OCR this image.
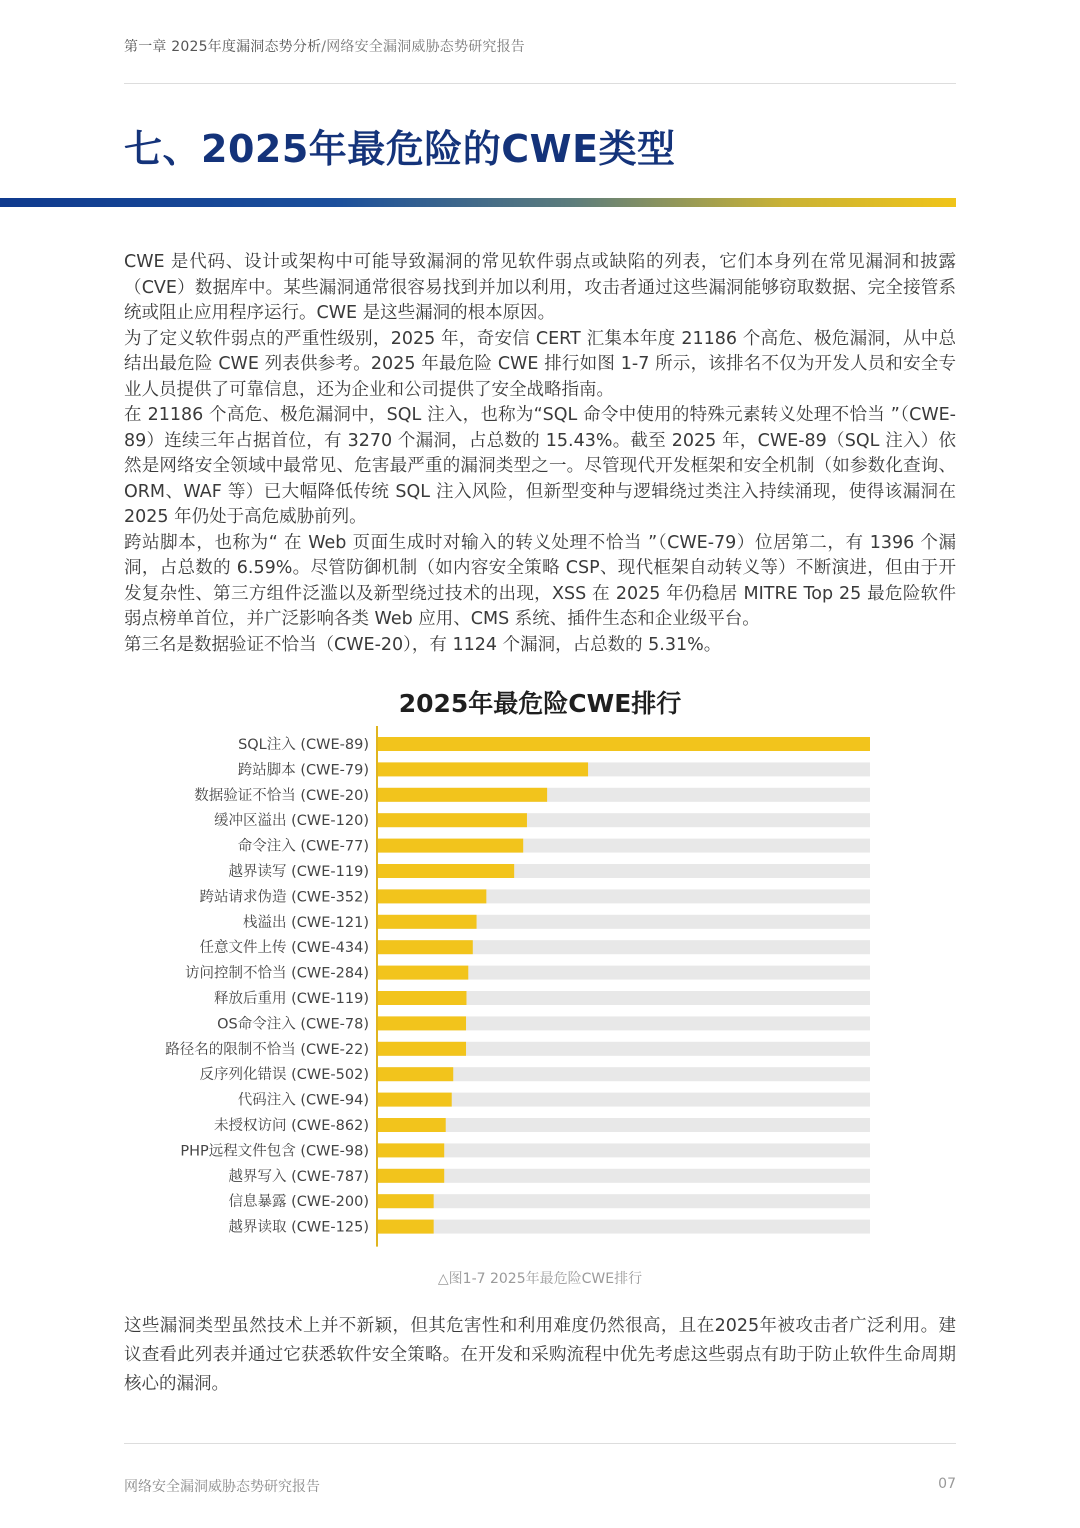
第一章 2025年度漏洞态势分析/网络安全漏洞威胁态势研究报告
七、2025年最危险的CWE类型

CWE 是代码、设计或架构中可能导致漏洞的常见软件弱点或缺陷的列表，它们本身列在常见漏洞和披露（CVE）数据库中。某些漏洞通常很容易找到并加以利用，攻击者通过这些漏洞能够窃取数据、完全接管系统或阻止应用程序运行。CWE 是这些漏洞的根本原因。

为了定义软件弱点的严重性级别，2025 年，奇安信 CERT 汇集本年度 21186 个高危、极危漏洞，从中总结出最危险 CWE 列表供参考。2025 年最危险 CWE 排行如图 1-7 所示，该排名不仅为开发人员和安全专业人员提供了可靠信息，还为企业和公司提供了安全战略指南。

在 21186 个高危、极危漏洞中，SQL 注入，也称为“SQL 命令中使用的特殊元素转义处理不恰当 ”（CWE-89）连续三年占据首位，有 3270 个漏洞，占总数的 15.43%。截至 2025 年，CWE-89（SQL 注入）依然是网络安全领域中最常见、危害最严重的漏洞类型之一。尽管现代开发框架和安全机制（如参数化查询、ORM、WAF 等）已大幅降低传统 SQL 注入风险，但新型变种与逻辑绕过类注入持续涌现，使得该漏洞在 2025 年仍处于高危威胁前列。

跨站脚本，也称为“ 在 Web 页面生成时对输入的转义处理不恰当 ”（CWE-79）位居第二，有 1396 个漏洞，占总数的 6.59%。尽管防御机制（如内容安全策略 CSP、现代框架自动转义等）不断演进，但由于开发复杂性、第三方组件泛滥以及新型绕过技术的出现，XSS 在 2025 年仍稳居 MITRE Top 25 最危险软件弱点榜单首位，并广泛影响各类 Web 应用、CMS 系统、插件生态和企业级平台。

第三名是数据验证不恰当（CWE-20），有 1124 个漏洞，占总数的 5.31%。

2025年最危险CWE排行
SQL注入 (CWE-89)
跨站脚本 (CWE-79)
数据验证不恰当 (CWE-20)
缓冲区溢出 (CWE-120)
命令注入 (CWE-77)
越界读写 (CWE-119)
跨站请求伪造 (CWE-352)
栈溢出 (CWE-121)
任意文件上传 (CWE-434)
访问控制不恰当 (CWE-284)
释放后重用 (CWE-119)
OS命令注入 (CWE-78)
路径名的限制不恰当 (CWE-22)
反序列化错误 (CWE-502)
代码注入 (CWE-94)
未授权访问 (CWE-862)
PHP远程文件包含 (CWE-98)
越界写入 (CWE-787)
信息暴露 (CWE-200)
越界读取 (CWE-125)
△图1-7 2025年最危险CWE排行
这些漏洞类型虽然技术上并不新颖，但其危害性和利用难度仍然很高，且在2025年被攻击者广泛利用。建议查看此列表并通过它获悉软件安全策略。在开发和采购流程中优先考虑这些弱点有助于防止软件生命周期核心的漏洞。
网络安全漏洞威胁态势研究报告	07
